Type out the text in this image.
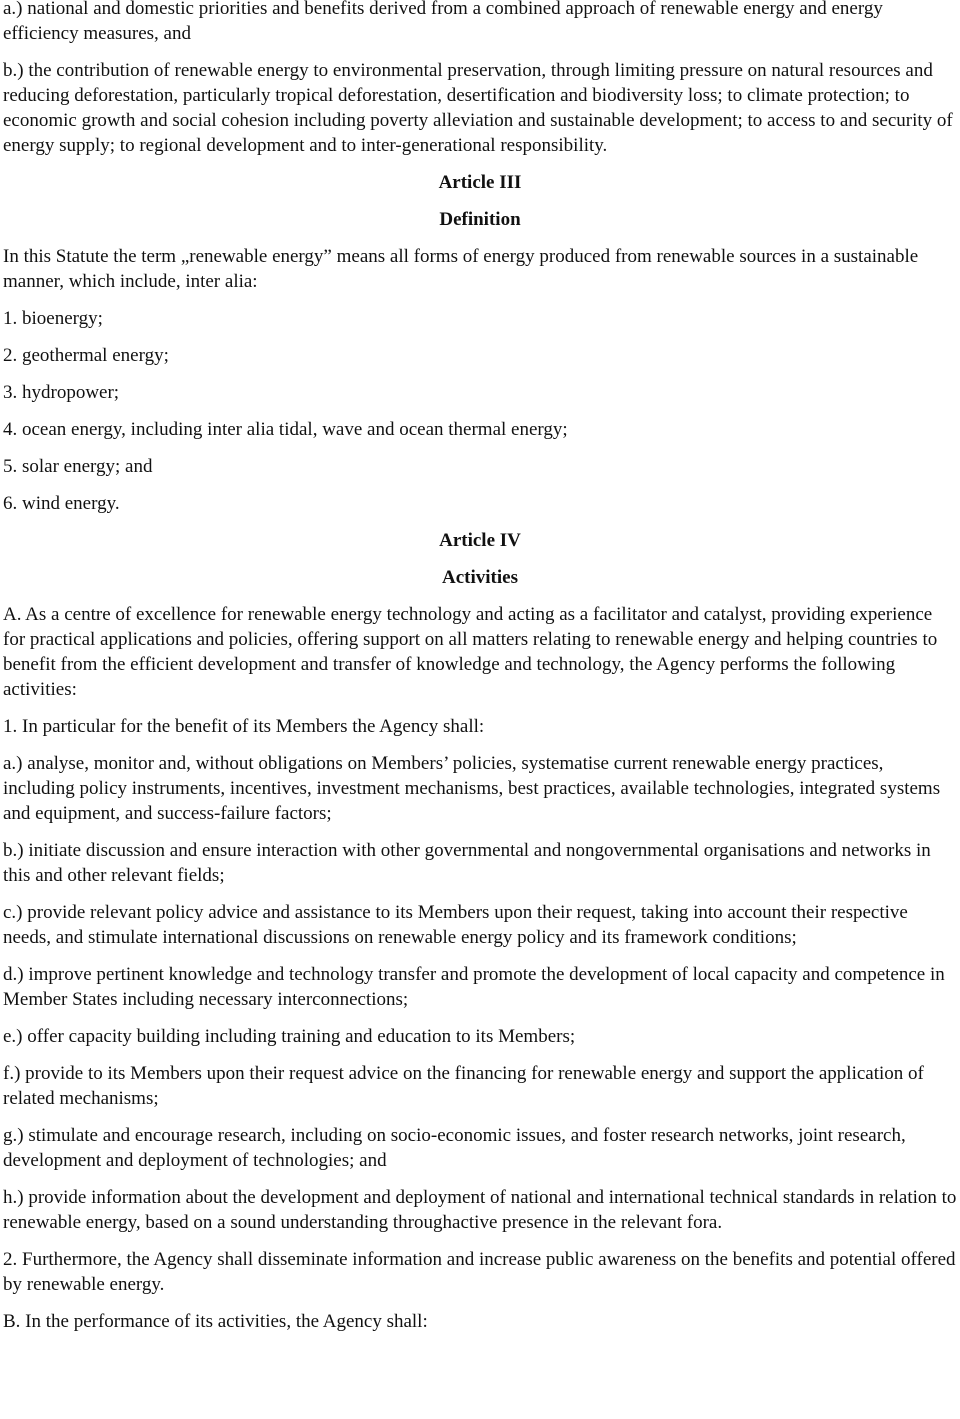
a.) national and domestic priorities and benefits derived from a combined approach of renewable energy and energy efficiency measures, and

b.) the contribution of renewable energy to environmental preservation, through limiting pressure on natural resources and reducing deforestation, particularly tropical deforestation, desertification and biodiversity loss; to climate protection; to economic growth and social cohesion including poverty alleviation and sustainable development; to access to and security of energy supply; to regional development and to inter-generational responsibility.

Article III

Definition

In this Statute the term „renewable energy” means all forms of energy produced from renewable sources in a sustainable manner, which include, inter alia:

1. bioenergy;

2. geothermal energy;

3. hydropower;

4. ocean energy, including inter alia tidal, wave and ocean thermal energy;

5. solar energy; and

6. wind energy.

Article IV

Activities

A. As a centre of excellence for renewable energy technology and acting as a facilitator and catalyst, providing experience for practical applications and policies, offering support on all matters relating to renewable energy and helping countries to benefit from the efficient development and transfer of knowledge and technology, the Agency performs the following activities:

1. In particular for the benefit of its Members the Agency shall:

a.) analyse, monitor and, without obligations on Members’ policies, systematise current renewable energy practices, including policy instruments, incentives, investment mechanisms, best practices, available technologies, integrated systems and equipment, and success-failure factors;

b.) initiate discussion and ensure interaction with other governmental and nongovernmental organisations and networks in this and other relevant fields;

c.) provide relevant policy advice and assistance to its Members upon their request, taking into account their respective needs, and stimulate international discussions on renewable energy policy and its framework conditions;

d.) improve pertinent knowledge and technology transfer and promote the development of local capacity and competence in Member States including necessary interconnections;

e.) offer capacity building including training and education to its Members;

f.) provide to its Members upon their request advice on the financing for renewable energy and support the application of related mechanisms;

g.) stimulate and encourage research, including on socio-economic issues, and foster research networks, joint research, development and deployment of technologies; and

h.) provide information about the development and deployment of national and international technical standards in relation to renewable energy, based on a sound understanding throughactive presence in the relevant fora.

2. Furthermore, the Agency shall disseminate information and increase public awareness on the benefits and potential offered by renewable energy.

B. In the performance of its activities, the Agency shall:
